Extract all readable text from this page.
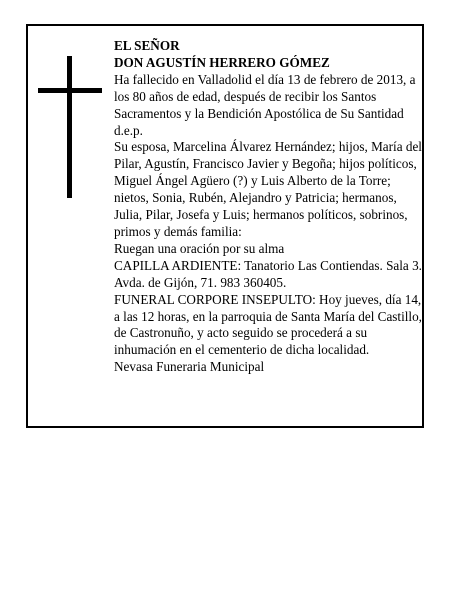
EL SEÑOR

DON AGUSTÍN HERRERO GÓMEZ

Ha fallecido en Valladolid el día 13 de febrero de 2013, a los 80 años de edad, después de recibir los Santos Sacramentos y la Bendición Apostólica de Su Santidad d.e.p.

Su esposa, Marcelina Álvarez Hernández; hijos, María del Pilar, Agustín, Francisco Javier y Begoña; hijos políticos, Miguel Ángel Agüero (?) y Luis Alberto de la Torre; nietos, Sonia, Rubén, Alejandro y Patricia; hermanos, Julia, Pilar, Josefa y Luis; hermanos políticos, sobrinos, primos y demás familia:

Ruegan una oración por su alma

CAPILLA ARDIENTE: Tanatorio Las Contiendas. Sala 3. Avda. de Gijón, 71. 983 360405.

FUNERAL CORPORE INSEPULTO: Hoy jueves, día 14, a las 12 horas, en la parroquia de Santa María del Castillo, de Castronuño, y acto seguido se procederá a su inhumación en el cementerio de dicha localidad.

Nevasa Funeraria Municipal
